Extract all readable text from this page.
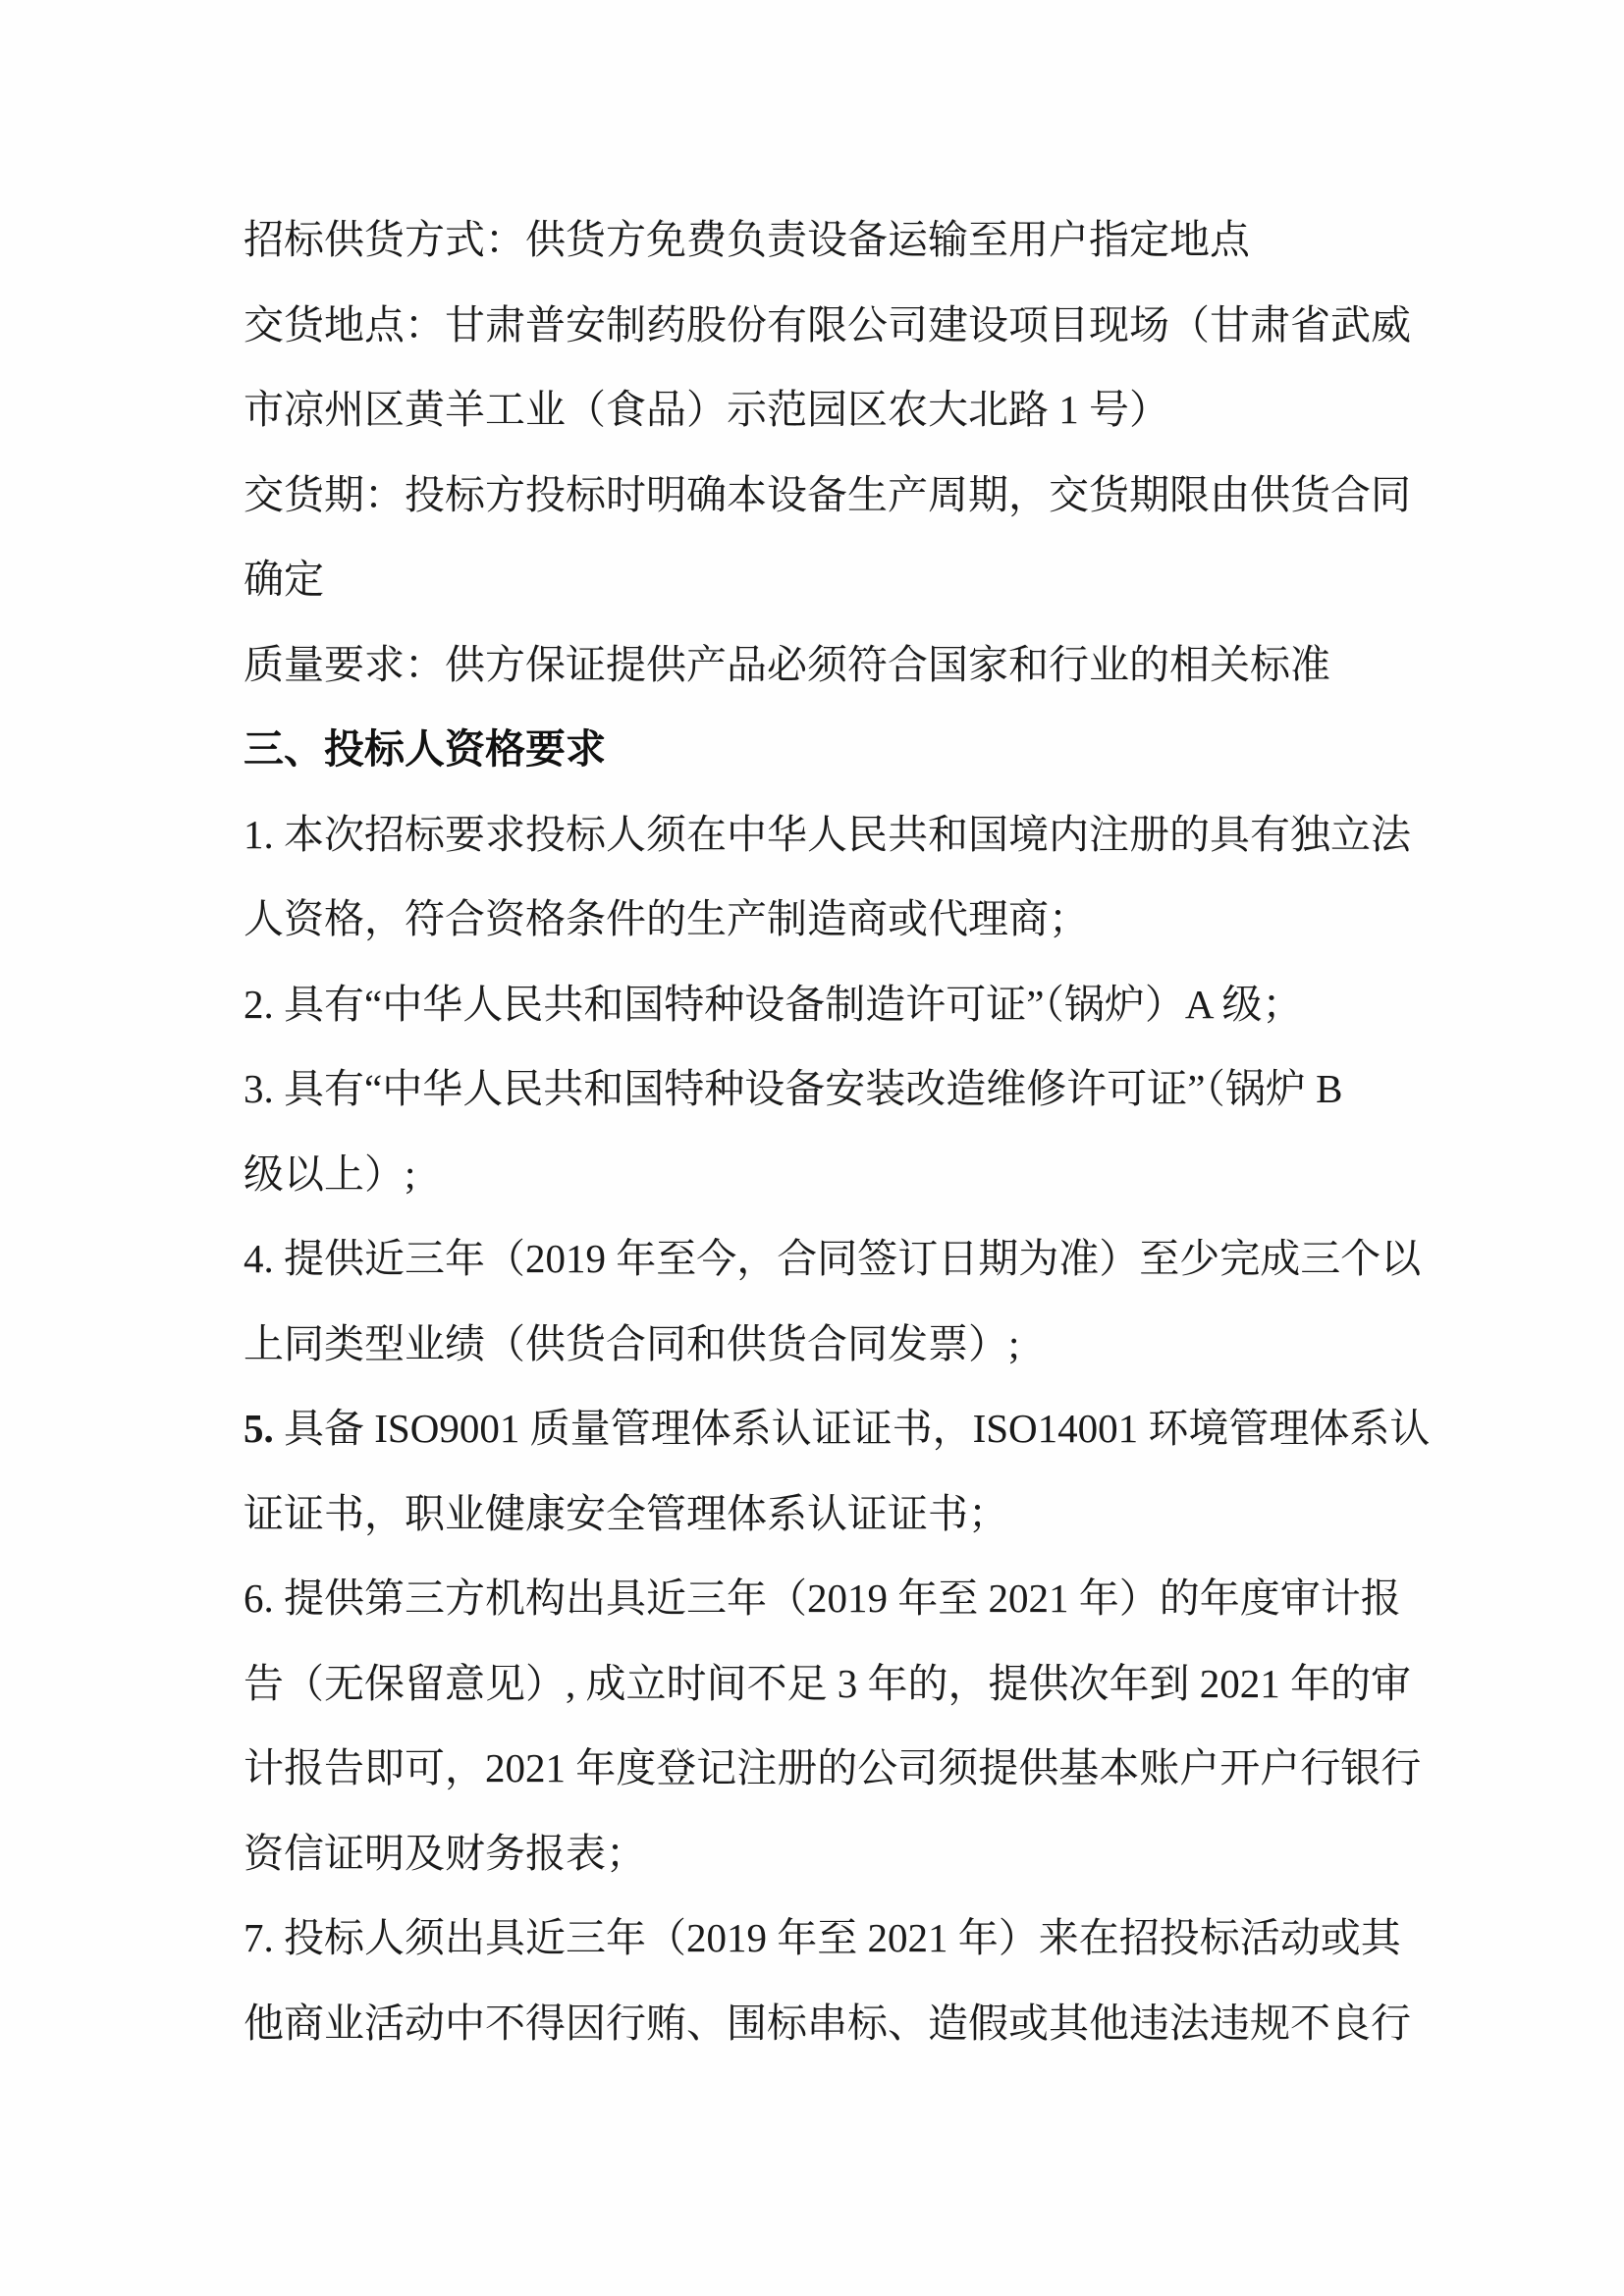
招标供货方式：供货方免费负责设备运输至用户指定地点
交货地点：甘肃普安制药股份有限公司建设项目现场（甘肃省武威
市凉州区黄羊工业（食品）示范园区农大北路 1 号）
交货期：投标方投标时明确本设备生产周期，交货期限由供货合同
确定
质量要求：供方保证提供产品必须符合国家和行业的相关标准
三、投标人资格要求
1. 本次招标要求投标人须在中华人民共和国境内注册的具有独立法
人资格，符合资格条件的生产制造商或代理商；
2. 具有“中华人民共和国特种设备制造许可证”（锅炉）A 级；
3. 具有“中华人民共和国特种设备安装改造维修许可证”（锅炉 B
级以上）;
4. 提供近三年（2019 年至今，合同签订日期为准）至少完成三个以
上同类型业绩（供货合同和供货合同发票）;
5. 具备 ISO9001 质量管理体系认证证书，ISO14001 环境管理体系认
证证书，职业健康安全管理体系认证证书；
6. 提供第三方机构出具近三年（2019 年至 2021 年）的年度审计报
告（无保留意见）, 成立时间不足 3 年的，提供次年到 2021 年的审
计报告即可，2021 年度登记注册的公司须提供基本账户开户行银行
资信证明及财务报表；
7. 投标人须出具近三年（2019 年至 2021 年）来在招投标活动或其
他商业活动中不得因行贿、围标串标、造假或其他违法违规不良行
